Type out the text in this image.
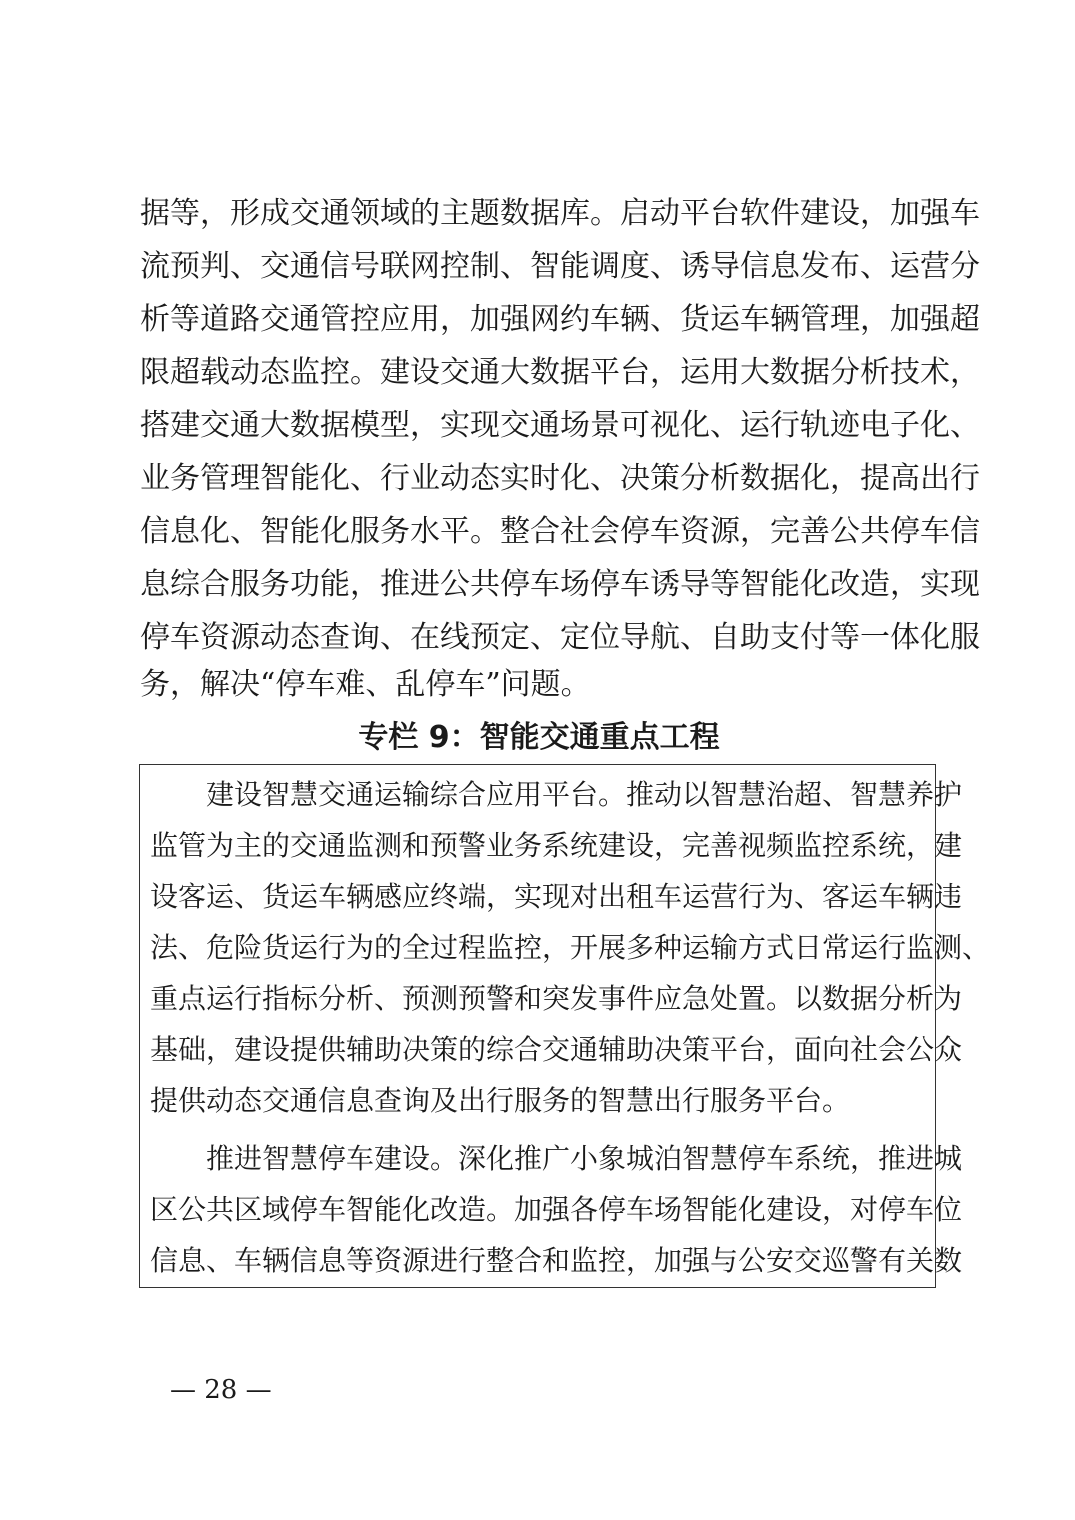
据等，形成交通领域的主题数据库。启动平台软件建设，加强车

流预判、交通信号联网控制、智能调度、诱导信息发布、运营分

析等道路交通管控应用，加强网约车辆、货运车辆管理，加强超

限超载动态监控。建设交通大数据平台，运用大数据分析技术，

搭建交通大数据模型，实现交通场景可视化、运行轨迹电子化、

业务管理智能化、行业动态实时化、决策分析数据化，提高出行

信息化、智能化服务水平。整合社会停车资源，完善公共停车信

息综合服务功能，推进公共停车场停车诱导等智能化改造，实现

停车资源动态查询、在线预定、定位导航、自助支付等一体化服

务，解决“停车难、乱停车”问题。

专栏 9：智能交通重点工程

建设智慧交通运输综合应用平台。推动以智慧治超、智慧养护

监管为主的交通监测和预警业务系统建设，完善视频监控系统，建

设客运、货运车辆感应终端，实现对出租车运营行为、客运车辆违

法、危险货运行为的全过程监控，开展多种运输方式日常运行监测、

重点运行指标分析、预测预警和突发事件应急处置。以数据分析为

基础，建设提供辅助决策的综合交通辅助决策平台，面向社会公众

提供动态交通信息查询及出行服务的智慧出行服务平台。

推进智慧停车建设。深化推广小象城泊智慧停车系统，推进城

区公共区域停车智能化改造。加强各停车场智能化建设，对停车位

信息、车辆信息等资源进行整合和监控，加强与公安交巡警有关数

— 28 —
